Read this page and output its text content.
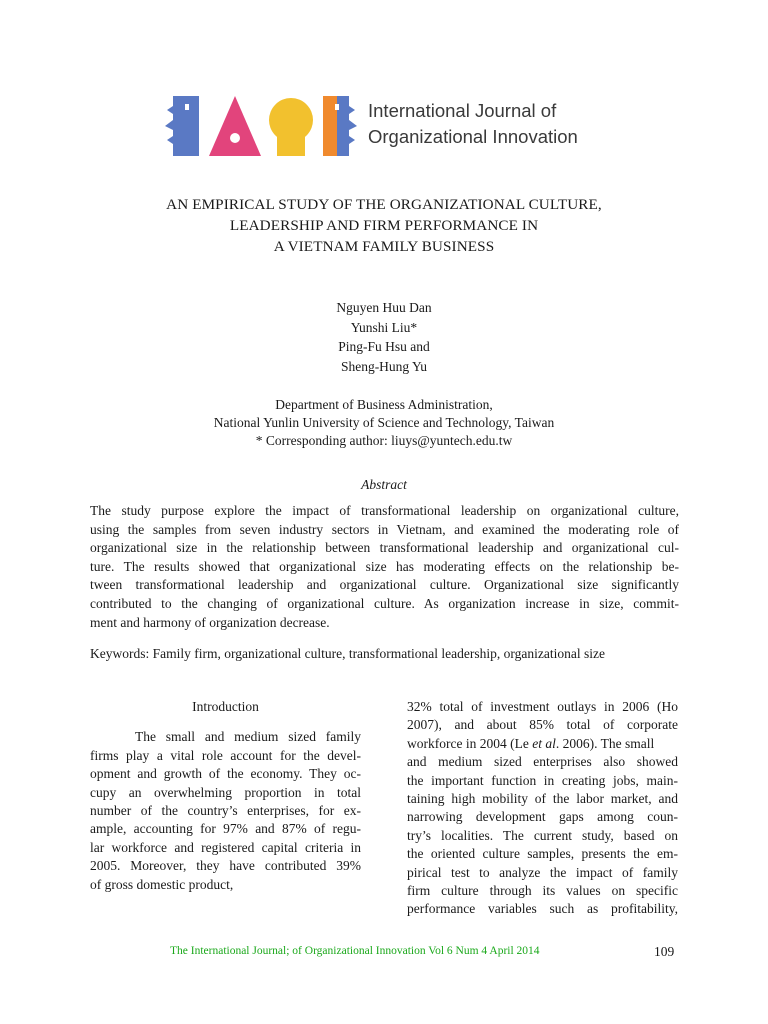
International Journal of
Organizational Innovation
AN EMPIRICAL STUDY OF THE ORGANIZATIONAL CULTURE,
LEADERSHIP AND FIRM PERFORMANCE IN
A VIETNAM FAMILY BUSINESS
Nguyen Huu Dan
Yunshi Liu*
Ping-Fu Hsu and
Sheng-Hung Yu
Department of Business Administration,
National Yunlin University of Science and Technology, Taiwan
* Corresponding author: liuys@yuntech.edu.tw
Abstract
The study purpose explore the impact of transformational leadership on organizational culture,
using the samples from seven industry sectors in Vietnam, and examined the moderating role of
organizational size in the relationship between transformational leadership and organizational cul-
ture. The results showed that organizational size has moderating effects on the relationship be-
tween transformational leadership and organizational culture. Organizational size significantly
contributed to the changing of organizational culture. As organization increase in size, commit-
ment and harmony of organization decrease.
Keywords: Family firm, organizational culture, transformational leadership, organizational size
Introduction
The small and medium sized family
firms play a vital role account for the devel-
opment and growth of the economy. They oc-
cupy an overwhelming proportion in total
number of the country’s enterprises, for ex-
ample, accounting for 97% and 87% of regu-
lar workforce and registered capital criteria in
2005. Moreover, they have contributed 39%
of gross domestic product,
32% total of investment outlays in 2006 (Ho
2007), and about 85% total of corporate
workforce in 2004 (Le et al. 2006). The small
and medium sized enterprises also showed
the important function in creating jobs, main-
taining high mobility of the labor market, and
narrowing development gaps among coun-
try’s localities. The current study, based on
the oriented culture samples, presents the em-
pirical test to analyze the impact of family
firm culture through its values on specific
performance variables such as profitability,
The International Journal; of Organizational Innovation Vol 6 Num 4 April 2014	109
